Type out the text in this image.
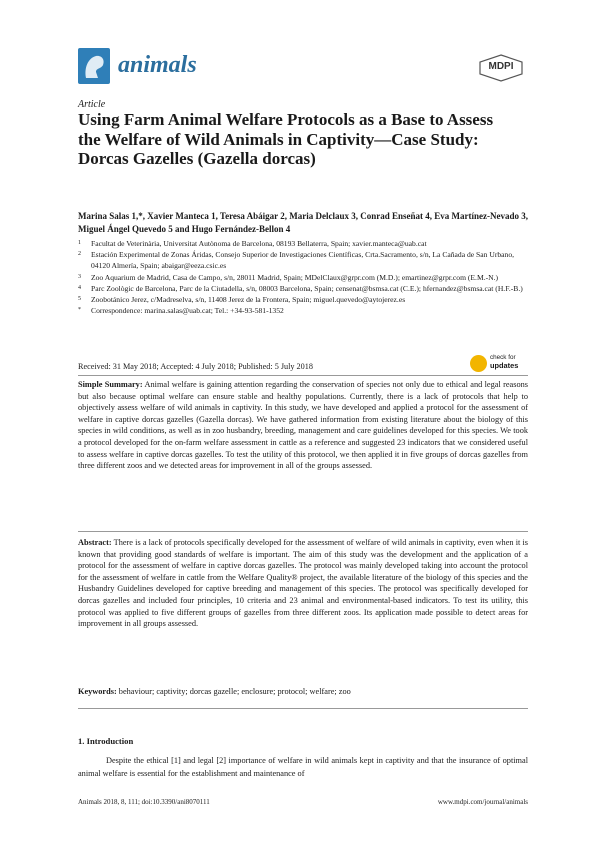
animals	MDPI
Article
Using Farm Animal Welfare Protocols as a Base to Assess the Welfare of Wild Animals in Captivity—Case Study: Dorcas Gazelles (Gazella dorcas)
Marina Salas 1,*, Xavier Manteca 1, Teresa Abáigar 2, Maria Delclaux 3, Conrad Enseñat 4, Eva Martínez-Nevado 3, Miguel Ángel Quevedo 5 and Hugo Fernández-Bellon 4
1	Facultat de Veterinària, Universitat Autònoma de Barcelona, 08193 Bellaterra, Spain; xavier.manteca@uab.cat
2	Estación Experimental de Zonas Áridas, Consejo Superior de Investigaciones Científicas, Crta.Sacramento, s/n, La Cañada de San Urbano, 04120 Almería, Spain; abaigar@eeza.csic.es
3	Zoo Aquarium de Madrid, Casa de Campo, s/n, 28011 Madrid, Spain; MDelClaux@grpr.com (M.D.); emartinez@grpr.com (E.M.-N.)
4	Parc Zoològic de Barcelona, Parc de la Ciutadella, s/n, 08003 Barcelona, Spain; censenat@bsmsa.cat (C.E.); hfernandez@bsmsa.cat (H.F.-B.)
5	Zoobotánico Jerez, c/Madreselva, s/n, 11408 Jerez de la Frontera, Spain; miguel.quevedo@aytojerez.es
*	Correspondence: marina.salas@uab.cat; Tel.: +34-93-581-1352
Received: 31 May 2018; Accepted: 4 July 2018; Published: 5 July 2018
check for
updates
Simple Summary: Animal welfare is gaining attention regarding the conservation of species not only due to ethical and legal reasons but also because optimal welfare can ensure stable and healthy populations. Currently, there is a lack of protocols that help to objectively assess welfare of wild animals in captivity. In this study, we have developed and applied a protocol for the assessment of welfare in captive dorcas gazelles (Gazella dorcas). We have gathered information from existing literature about the biology of this species in wild conditions, as well as in zoo husbandry, breeding, management and care guidelines developed for this species. We took a protocol developed for the on-farm welfare assessment in cattle as a reference and suggested 23 indicators that we considered useful to assess welfare in captive dorcas gazelles. To test the utility of this protocol, we then applied it in five groups of dorcas gazelles from three different zoos and we detected areas for improvement in all of the groups assessed.
Abstract: There is a lack of protocols specifically developed for the assessment of welfare of wild animals in captivity, even when it is known that providing good standards of welfare is important. The aim of this study was the development and the application of a protocol for the assessment of welfare in captive dorcas gazelles. The protocol was mainly developed taking into account the protocol for the assessment of welfare in cattle from the Welfare Quality® project, the available literature of the biology of this species and the Husbandry Guidelines developed for captive breeding and management of this species. The protocol was specifically developed for dorcas gazelles and included four principles, 10 criteria and 23 animal and environmental-based indicators. To test its utility, this protocol was applied to five different groups of gazelles from three different zoos. Its application made possible to detect areas for improvement in all groups assessed.
Keywords: behaviour; captivity; dorcas gazelle; enclosure; protocol; welfare; zoo
1. Introduction
Despite the ethical [1] and legal [2] importance of welfare in wild animals kept in captivity and that the insurance of optimal animal welfare is essential for the establishment and maintenance of
Animals 2018, 8, 111; doi:10.3390/ani8070111	www.mdpi.com/journal/animals
